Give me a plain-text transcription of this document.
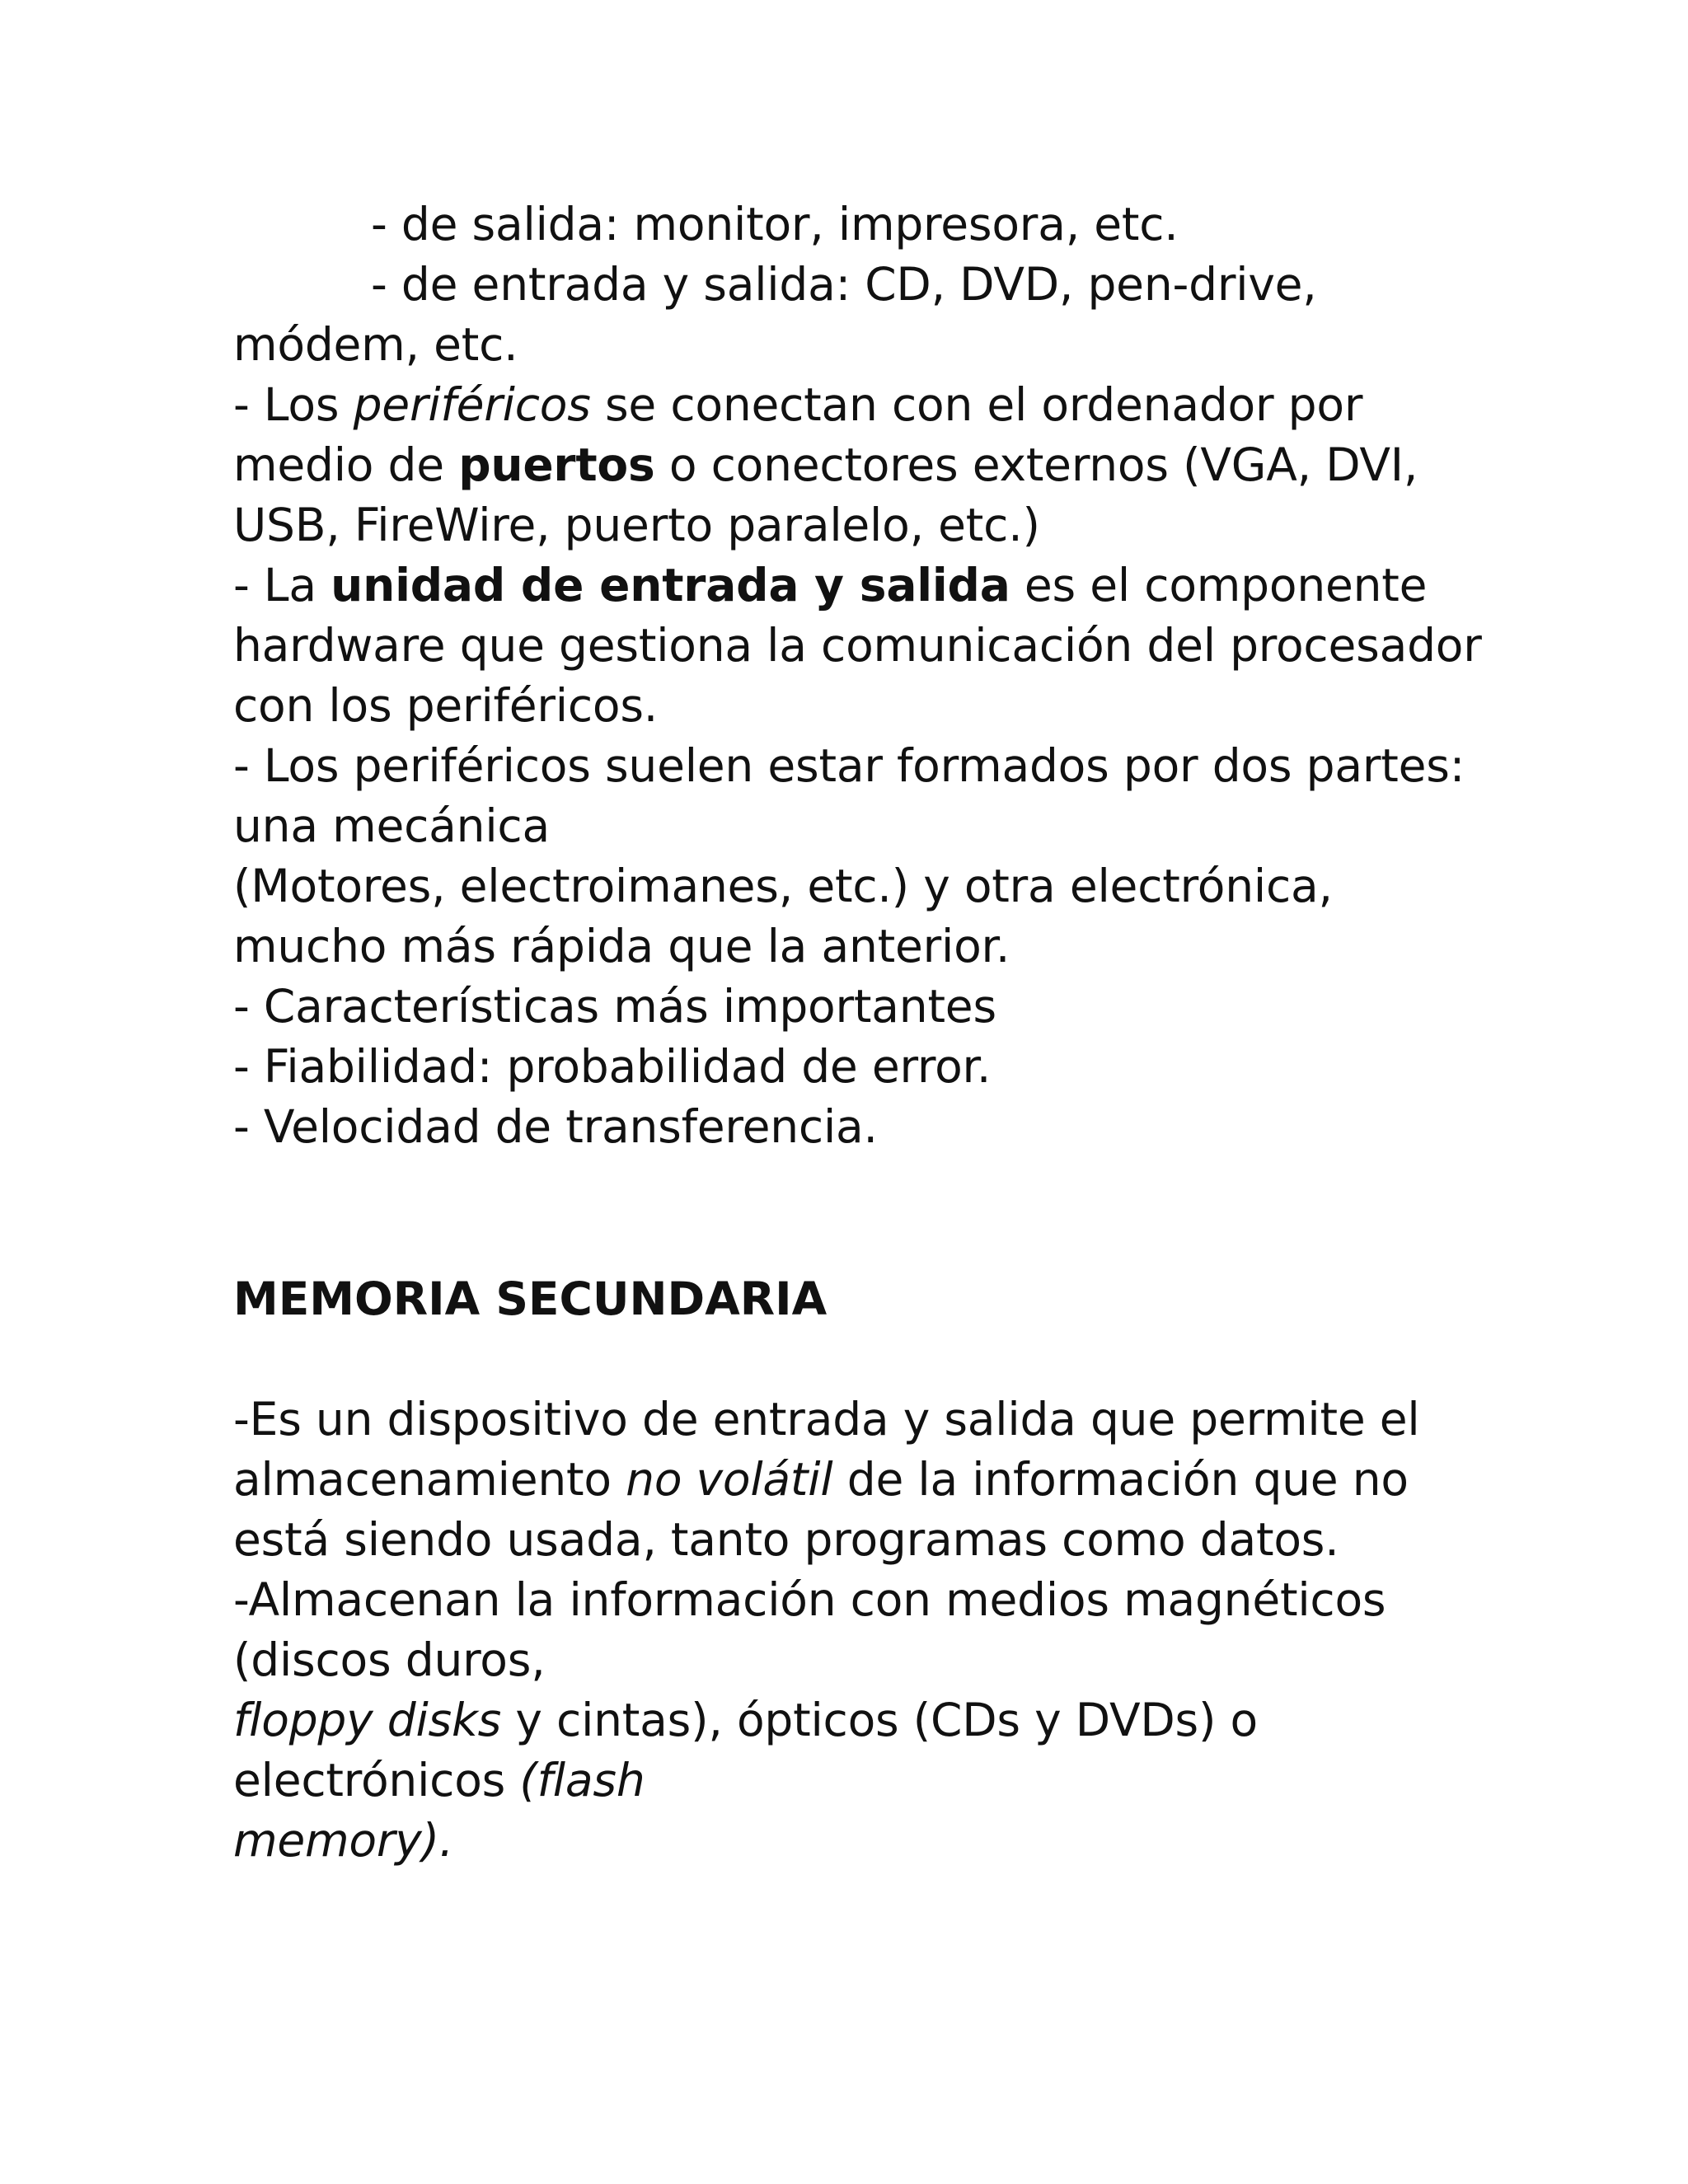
- de salida: monitor, impresora, etc.
- de entrada y salida: CD, DVD, pen-drive,
módem, etc.
- Los periféricos se conectan con el ordenador por
medio de puertos o conectores externos (VGA, DVI,
USB, FireWire, puerto paralelo, etc.)
- La unidad de entrada y salida es el componente
hardware que gestiona la comunicación del procesador
con los periféricos.
- Los periféricos suelen estar formados por dos partes:
una mecánica
(Motores, electroimanes, etc.) y otra electrónica,
mucho más rápida que la anterior.
- Características más importantes
- Fiabilidad: probabilidad de error.
- Velocidad de transferencia.
MEMORIA SECUNDARIA
-Es un dispositivo de entrada y salida que permite el
almacenamiento no volátil de la información que no
está siendo usada, tanto programas como datos.
-Almacenan la información con medios magnéticos
(discos duros,
floppy disks y cintas), ópticos (CDs y DVDs) o
electrónicos (flash
memory).
